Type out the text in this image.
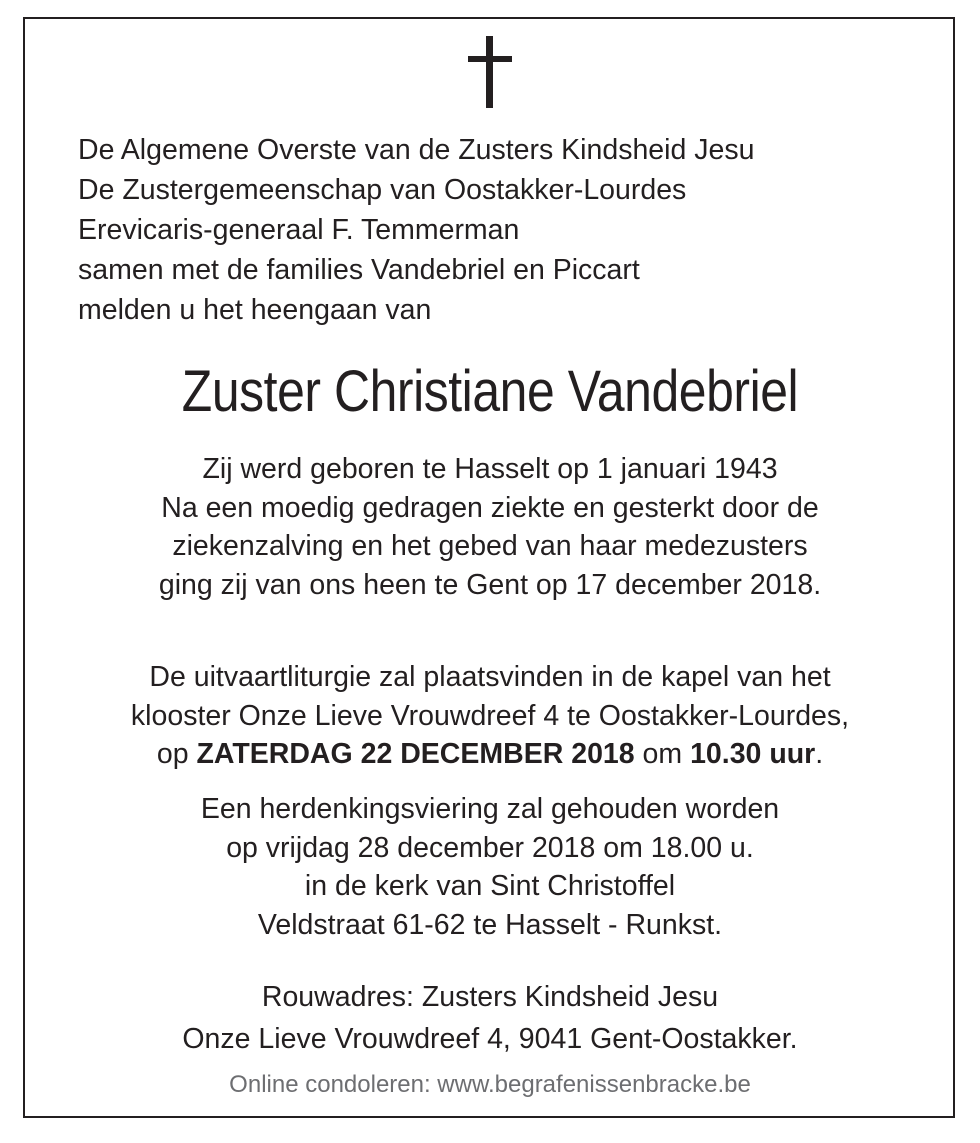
De Algemene Overste van de Zusters Kindsheid Jesu
De Zustergemeenschap van Oostakker-Lourdes
Erevicaris-generaal F. Temmerman
samen met de families Vandebriel en Piccart
melden u het heengaan van
Zuster Christiane Vandebriel
Zij werd geboren te Hasselt op 1 januari 1943
Na een moedig gedragen ziekte en gesterkt door de
ziekenzalving en het gebed van haar medezusters
ging zij van ons heen te Gent op 17 december 2018.
De uitvaartliturgie zal plaatsvinden in de kapel van het
klooster Onze Lieve Vrouwdreef 4 te Oostakker-Lourdes,
op ZATERDAG 22 DECEMBER 2018 om 10.30 uur.
Een herdenkingsviering zal gehouden worden
op vrijdag 28 december 2018 om 18.00 u.
in de kerk van Sint Christoffel
Veldstraat 61-62 te Hasselt - Runkst.
Rouwadres: Zusters Kindsheid Jesu
Onze Lieve Vrouwdreef 4, 9041 Gent-Oostakker.
Online condoleren: www.begrafenissenbracke.be
